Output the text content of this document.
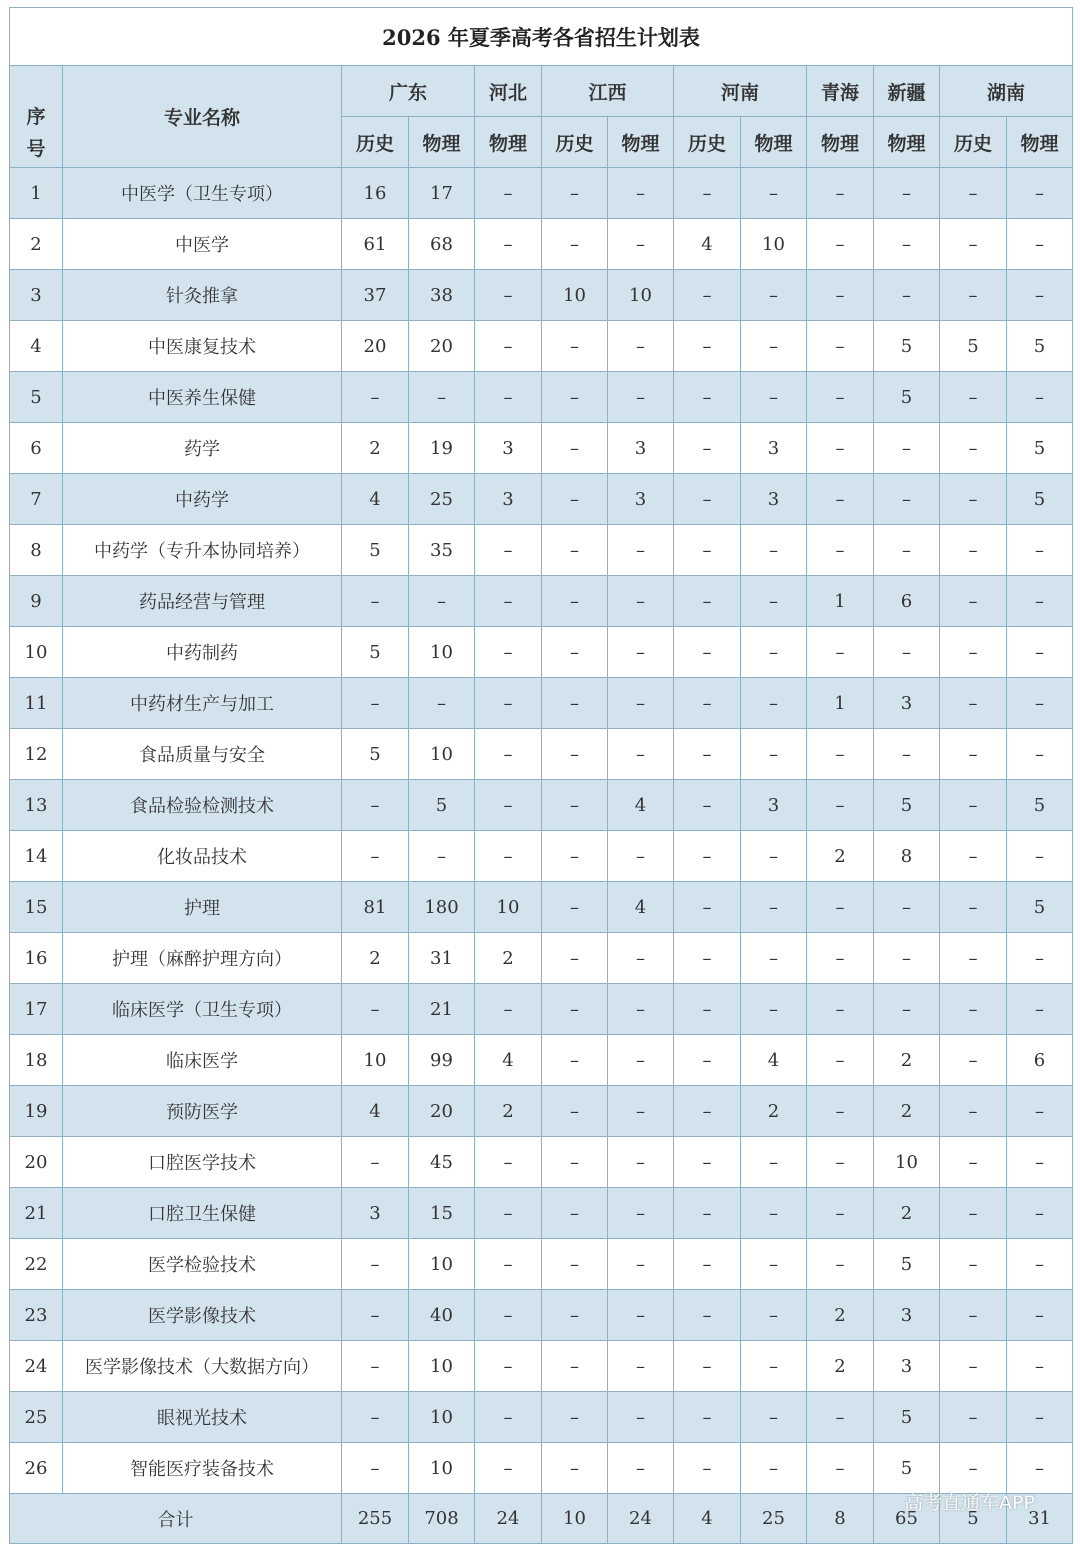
2026 年夏季高考各省招生计划表												

序
号	专业名称	广东		河北	江西		河南		青海	新疆	湖南	
		历史	物理	物理	历史	物理	历史	物理	物理	物理	历史	物理
1	中医学（卫生专项）	16	17	–	–	–	–	–	–	–	–	–
2	中医学	61	68	–	–	–	4	10	–	–	–	–
3	针灸推拿	37	38	–	10	10	–	–	–	–	–	–
4	中医康复技术	20	20	–	–	–	–	–	–	5	5	5
5	中医养生保健	–	–	–	–	–	–	–	–	5	–	–
6	药学	2	19	3	–	3	–	3	–	–	–	5
7	中药学	4	25	3	–	3	–	3	–	–	–	5
8	中药学（专升本协同培养）	5	35	–	–	–	–	–	–	–	–	–
9	药品经营与管理	–	–	–	–	–	–	–	1	6	–	–
10	中药制药	5	10	–	–	–	–	–	–	–	–	–
11	中药材生产与加工	–	–	–	–	–	–	–	1	3	–	–
12	食品质量与安全	5	10	–	–	–	–	–	–	–	–	–
13	食品检验检测技术	–	5	–	–	4	–	3	–	5	–	5
14	化妆品技术	–	–	–	–	–	–	–	2	8	–	–
15	护理	81	180	10	–	4	–	–	–	–	–	5
16	护理（麻醉护理方向）	2	31	2	–	–	–	–	–	–	–	–
17	临床医学（卫生专项）	–	21	–	–	–	–	–	–	–	–	–
18	临床医学	10	99	4	–	–	–	4	–	2	–	6
19	预防医学	4	20	2	–	–	–	2	–	2	–	–
20	口腔医学技术	–	45	–	–	–	–	–	–	10	–	–
21	口腔卫生保健	3	15	–	–	–	–	–	–	2	–	–
22	医学检验技术	–	10	–	–	–	–	–	–	5	–	–
23	医学影像技术	–	40	–	–	–	–	–	2	3	–	–
24	医学影像技术（大数据方向）	–	10	–	–	–	–	–	2	3	–	–
25	眼视光技术	–	10	–	–	–	–	–	–	5	–	–
26	智能医疗装备技术	–	10	–	–	–	–	–	–	5	–	–
合计		255	708	24	10	24	4	25	8	65	5	31
高考直通车APP
